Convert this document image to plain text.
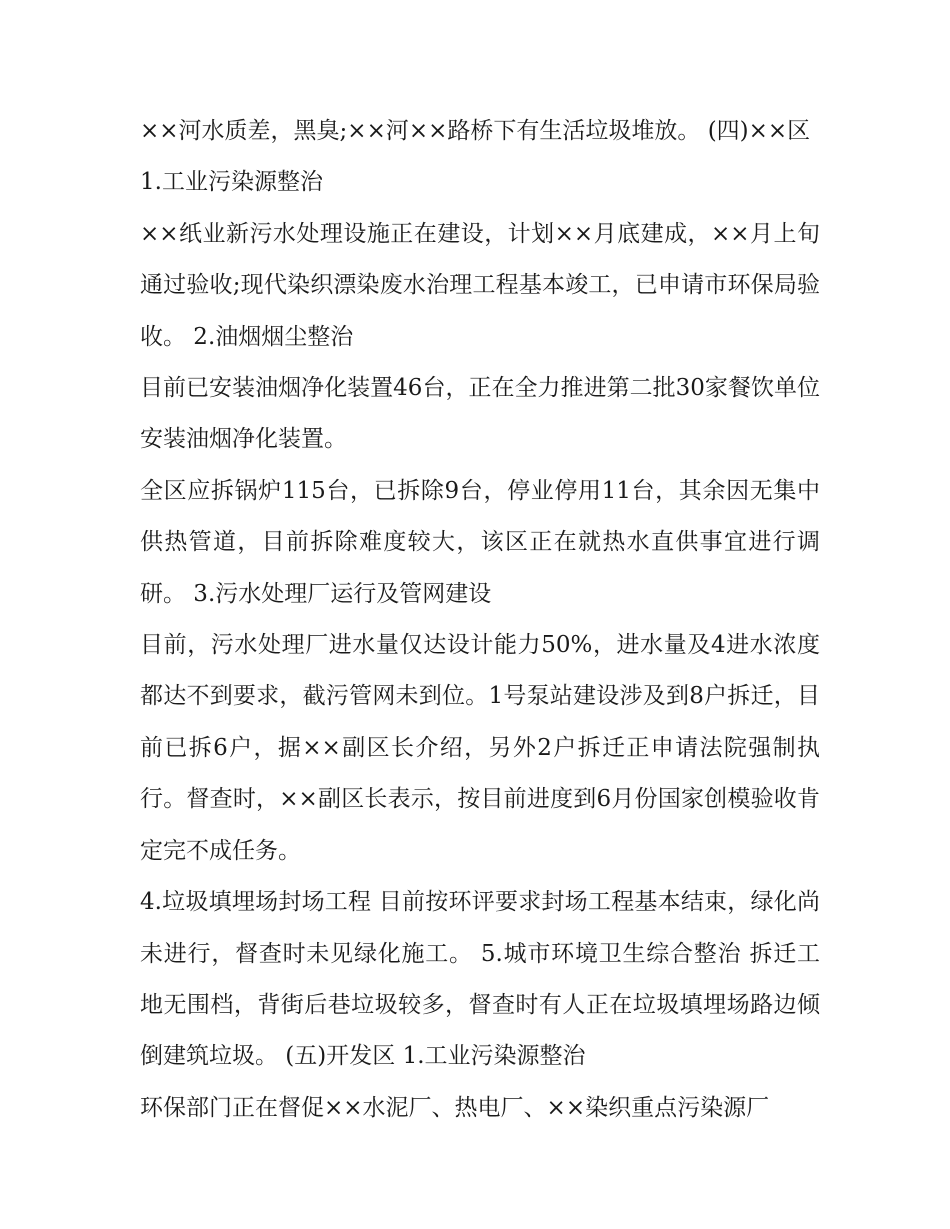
××河水质差，黑臭;××河××路桥下有生活垃圾堆放。 (四)××区

1.工业污染源整治

××纸业新污水处理设施正在建设，计划××月底建成，××月上旬通过验收;现代染织漂染废水治理工程基本竣工，已申请市环保局验收。 2.油烟烟尘整治

目前已安装油烟净化装置46台，正在全力推进第二批30家餐饮单位安装油烟净化装置。

全区应拆锅炉115台，已拆除9台，停业停用11台，其余因无集中供热管道，目前拆除难度较大，该区正在就热水直供事宜进行调研。 3.污水处理厂运行及管网建设

目前，污水处理厂进水量仅达设计能力50%，进水量及4进水浓度都达不到要求，截污管网未到位。1号泵站建设涉及到8户拆迁，目前已拆6户，据××副区长介绍，另外2户拆迁正申请法院强制执行。督查时，××副区长表示，按目前进度到6月份国家创模验收肯定完不成任务。

4.垃圾填埋场封场工程 目前按环评要求封场工程基本结束，绿化尚未进行，督查时未见绿化施工。 5.城市环境卫生综合整治 拆迁工地无围档，背街后巷垃圾较多，督查时有人正在垃圾填埋场路边倾倒建筑垃圾。 (五)开发区 1.工业污染源整治

环保部门正在督促××水泥厂、热电厂、××染织重点污染源厂
